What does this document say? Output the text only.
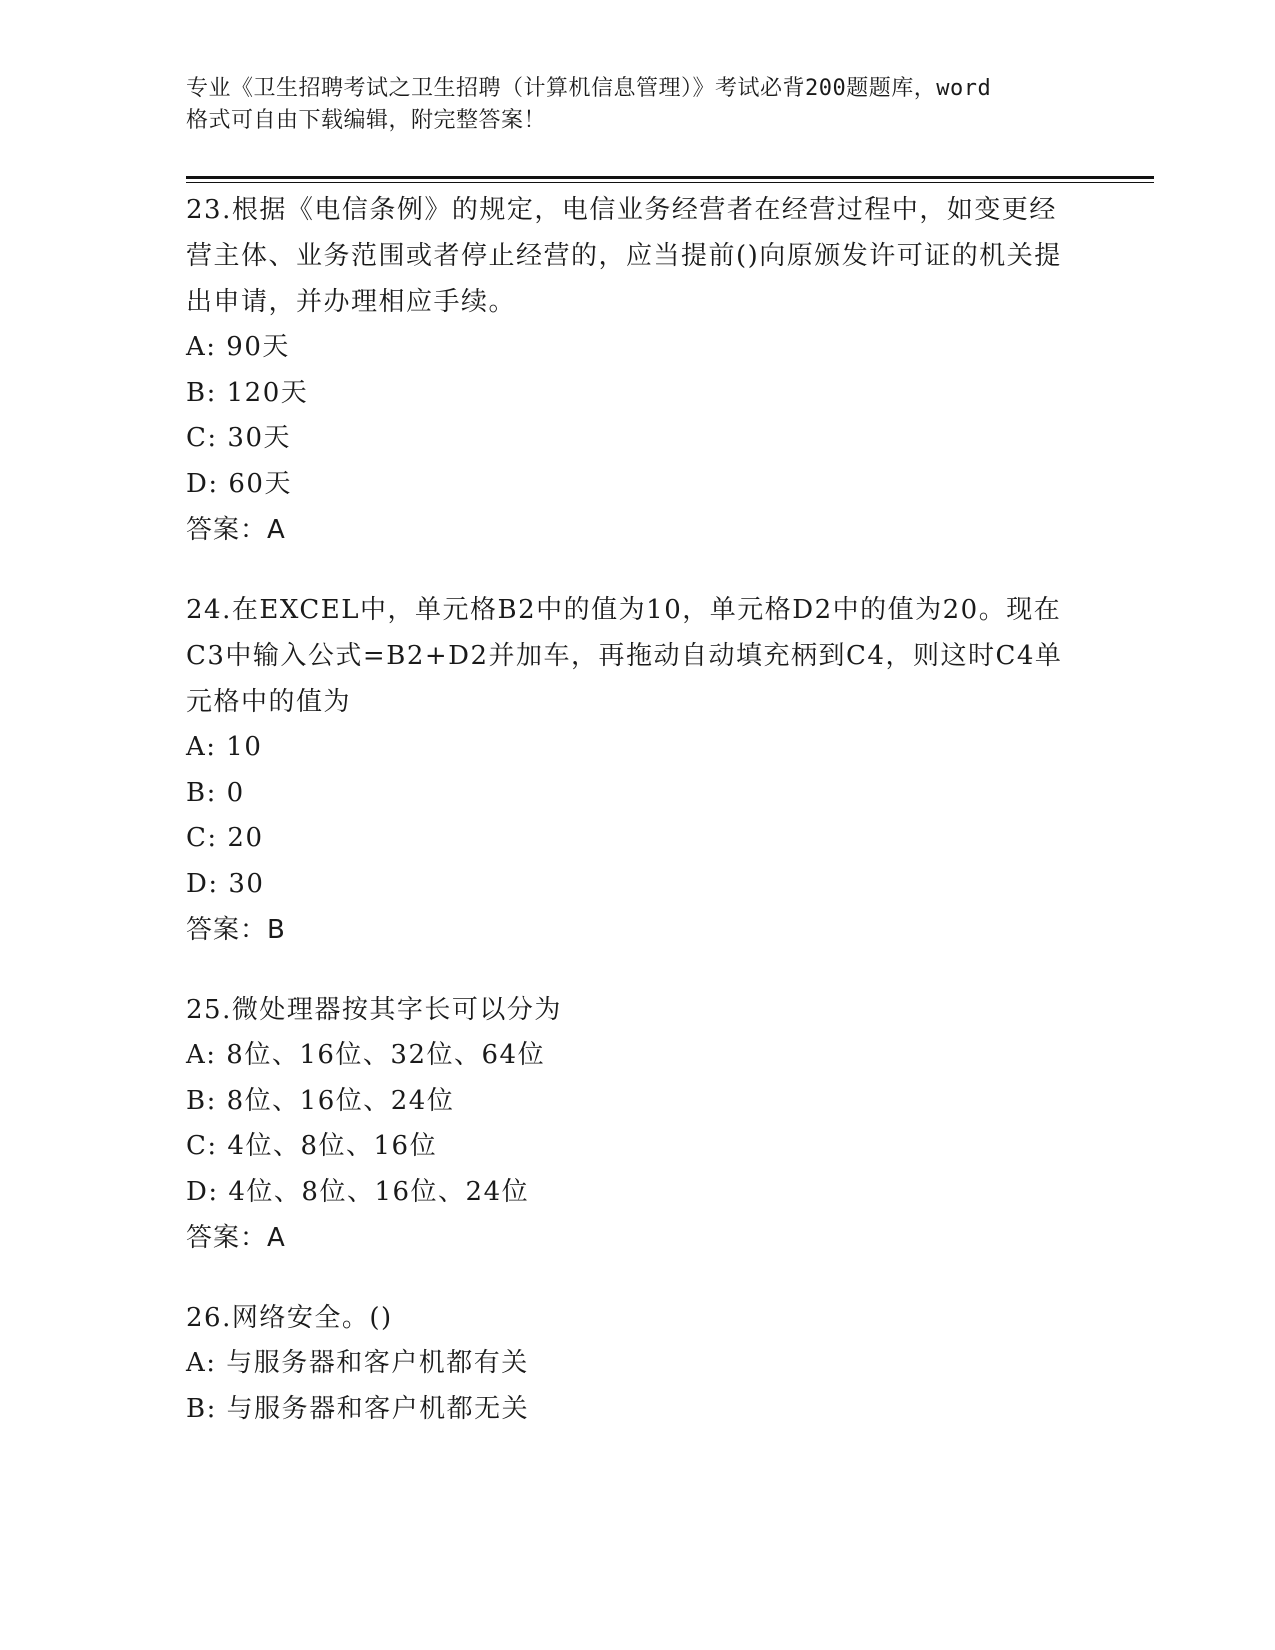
专业《卫生招聘考试之卫生招聘（计算机信息管理）》考试必背200题题库，word
格式可自由下载编辑，附完整答案！

23.根据《电信条例》的规定，电信业务经营者在经营过程中，如变更经营主体、业务范围或者停止经营的，应当提前()向原颁发许可证的机关提出申请，并办理相应手续。

A: 90天

B: 120天

C: 30天

D: 60天

答案：A

24.在EXCEL中，单元格B2中的值为10，单元格D2中的值为20。现在C3中输入公式=B2+D2并加车，再拖动自动填充柄到C4，则这时C4单元格中的值为

A: 10

B: 0

C: 20

D: 30

答案：B

25.微处理器按其字长可以分为

A: 8位、16位、32位、64位

B: 8位、16位、24位

C: 4位、8位、16位

D: 4位、8位、16位、24位

答案：A

26.网络安全。()

A: 与服务器和客户机都有关

B: 与服务器和客户机都无关
